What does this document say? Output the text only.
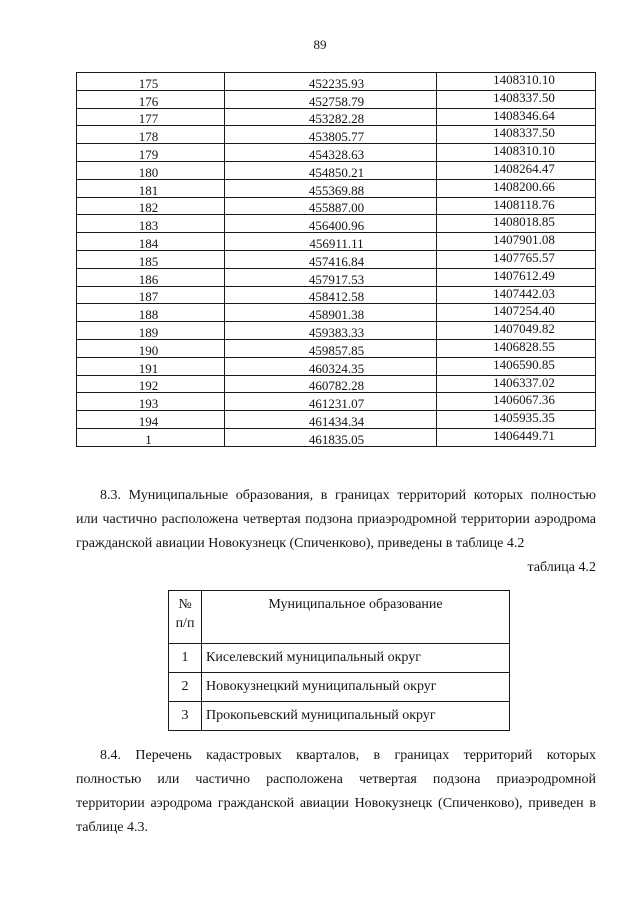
89
175	452235.93	1408310.10
176	452758.79	1408337.50
177	453282.28	1408346.64
178	453805.77	1408337.50
179	454328.63	1408310.10
180	454850.21	1408264.47
181	455369.88	1408200.66
182	455887.00	1408118.76
183	456400.96	1408018.85
184	456911.11	1407901.08
185	457416.84	1407765.57
186	457917.53	1407612.49
187	458412.58	1407442.03
188	458901.38	1407254.40
189	459383.33	1407049.82
190	459857.85	1406828.55
191	460324.35	1406590.85
192	460782.28	1406337.02
193	461231.07	1406067.36
194	461434.34	1405935.35
1	461835.05	1406449.71
8.3. Муниципальные образования, в границах территорий которых полностью
или частично расположена четвертая подзона приаэродромной территории аэродрома
гражданской авиации Новокузнецк (Спиченково), приведены в таблице 4.2
таблица 4.2
№
п/п	Муниципальное образование
1	Киселевский муниципальный округ
2	Новокузнецкий муниципальный округ
3	Прокопьевский муниципальный округ
8.4. Перечень кадастровых кварталов, в границах территорий которых
полностью или частично расположена четвертая подзона приаэродромной
территории аэродрома гражданской авиации Новокузнецк (Спиченково), приведен в
таблице 4.3.
